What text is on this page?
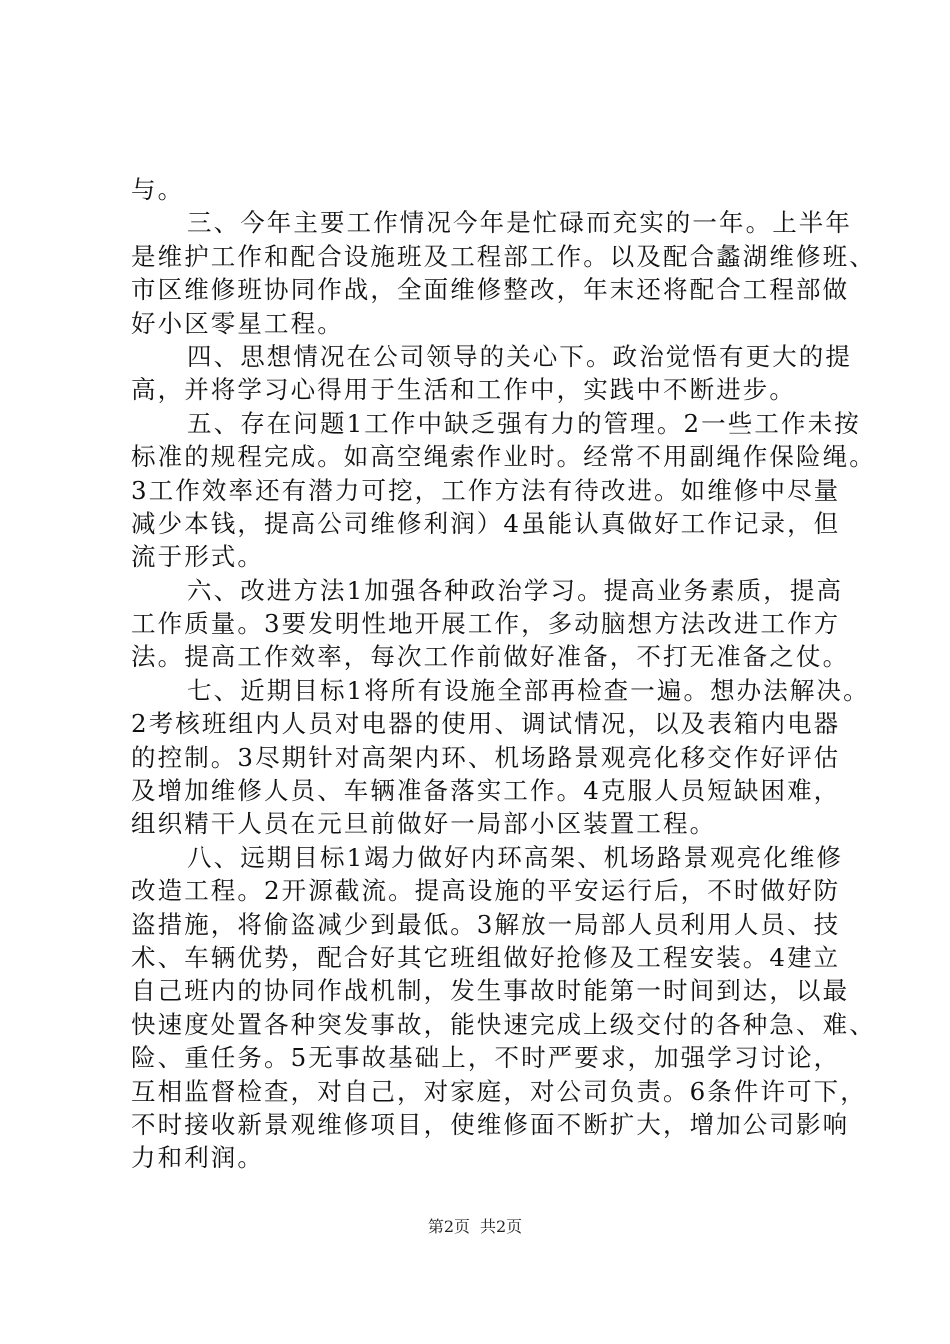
与。
三、今年主要工作情况今年是忙碌而充实的一年。上半年
是维护工作和配合设施班及工程部工作。以及配合蠡湖维修班、
市区维修班协同作战，全面维修整改，年末还将配合工程部做
好小区零星工程。
四、思想情况在公司领导的关心下。政治觉悟有更大的提
高，并将学习心得用于生活和工作中，实践中不断进步。
五、存在问题1工作中缺乏强有力的管理。2一些工作未按
标准的规程完成。如高空绳索作业时。经常不用副绳作保险绳。
3工作效率还有潜力可挖，工作方法有待改进。如维修中尽量
减少本钱，提高公司维修利润）4虽能认真做好工作记录，但
流于形式。
六、改进方法1加强各种政治学习。提高业务素质，提高
工作质量。3要发明性地开展工作，多动脑想方法改进工作方
法。提高工作效率，每次工作前做好准备，不打无准备之仗。
七、近期目标1将所有设施全部再检查一遍。想办法解决。
2考核班组内人员对电器的使用、调试情况，以及表箱内电器
的控制。3尽期针对高架内环、机场路景观亮化移交作好评估
及增加维修人员、车辆准备落实工作。4克服人员短缺困难，
组织精干人员在元旦前做好一局部小区装置工程。
八、远期目标1竭力做好内环高架、机场路景观亮化维修
改造工程。2开源截流。提高设施的平安运行后，不时做好防
盗措施，将偷盗减少到最低。3解放一局部人员利用人员、技
术、车辆优势，配合好其它班组做好抢修及工程安装。4建立
自己班内的协同作战机制，发生事故时能第一时间到达，以最
快速度处置各种突发事故，能快速完成上级交付的各种急、难、
险、重任务。5无事故基础上，不时严要求，加强学习讨论，
互相监督检查，对自己，对家庭，对公司负责。6条件许可下，
不时接收新景观维修项目，使维修面不断扩大，增加公司影响
力和利润。
第2页 共2页
